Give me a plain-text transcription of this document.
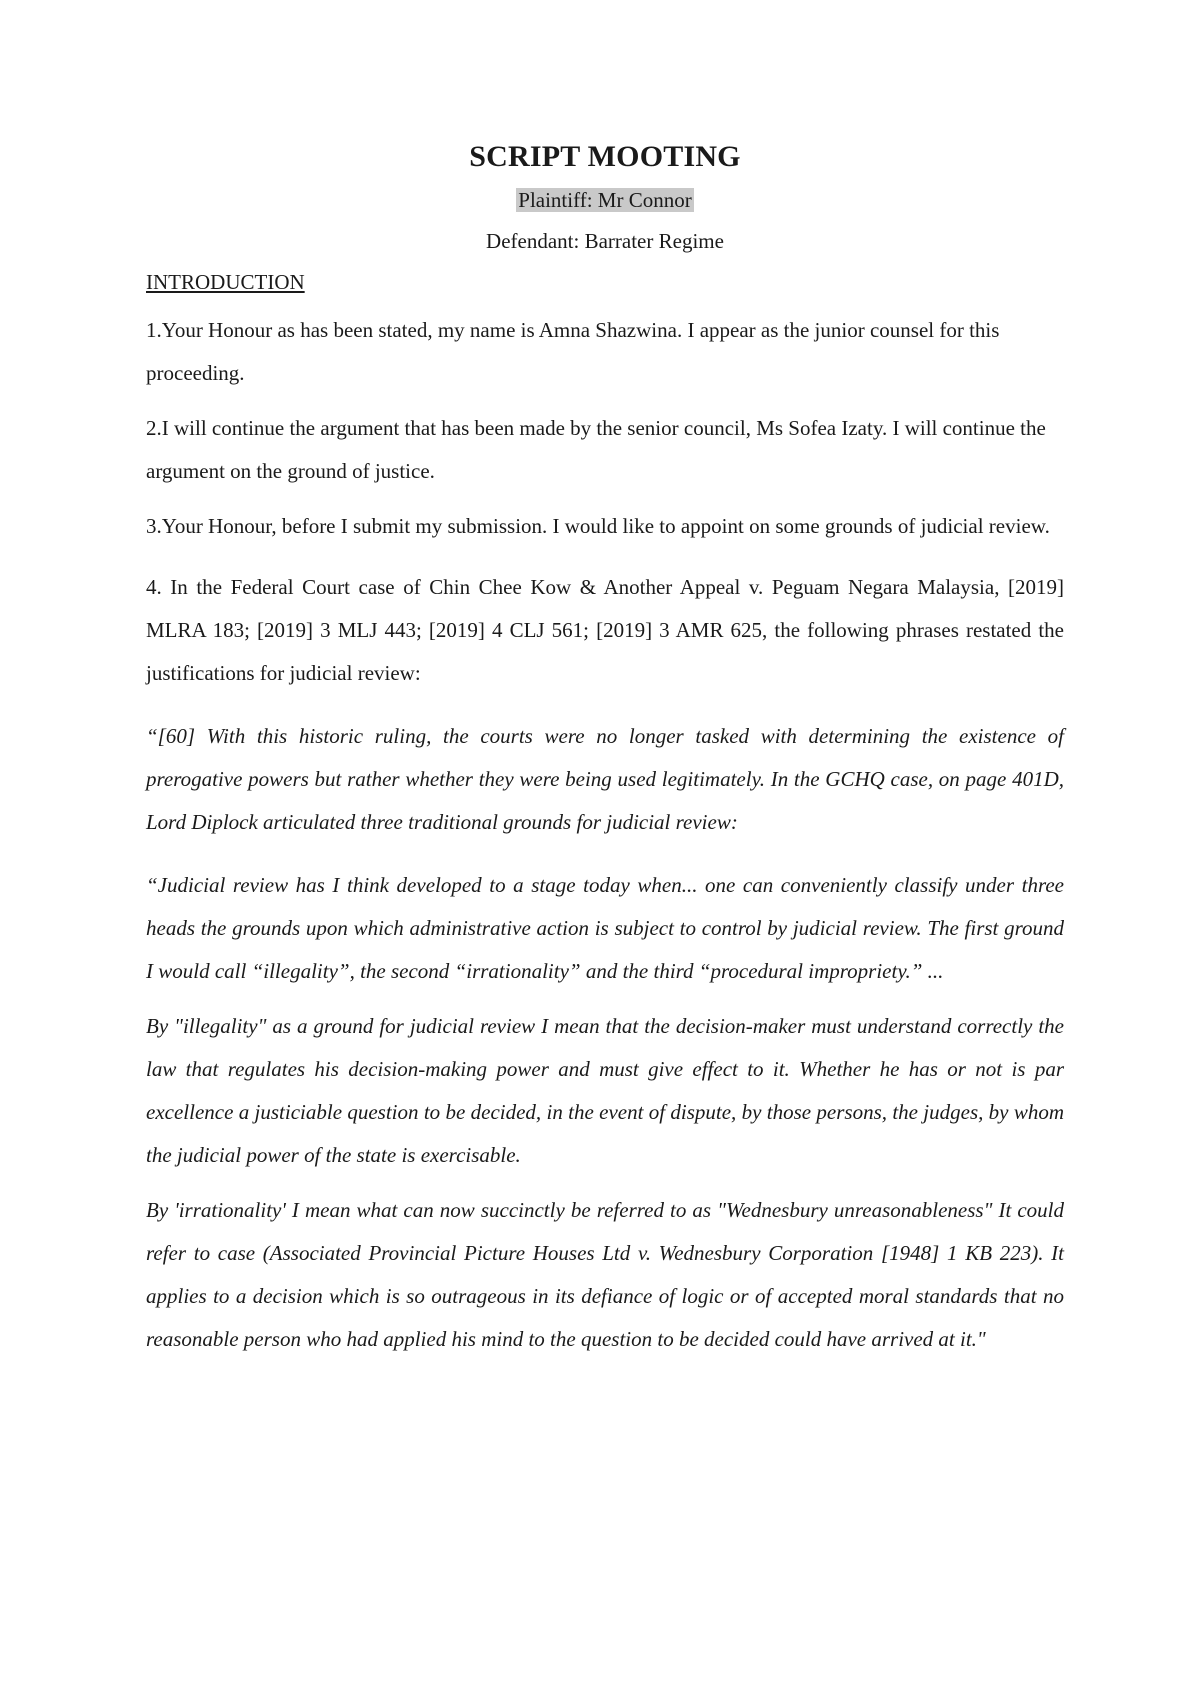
SCRIPT MOOTING

Plaintiff: Mr Connor

Defendant: Barrater Regime

INTRODUCTION

1.Your Honour as has been stated, my name is Amna Shazwina. I appear as the junior counsel for this proceeding.

2.I will continue the argument that has been made by the senior council, Ms Sofea Izaty. I will continue the argument on the ground of justice.

3.Your Honour, before I submit my submission. I would like to appoint on some grounds of judicial review.

4. In the Federal Court case of Chin Chee Kow & Another Appeal v. Peguam Negara Malaysia, [2019] MLRA 183; [2019] 3 MLJ 443; [2019] 4 CLJ 561; [2019] 3 AMR 625, the following phrases restated the justifications for judicial review:

“[60] With this historic ruling, the courts were no longer tasked with determining the existence of prerogative powers but rather whether they were being used legitimately. In the GCHQ case, on page 401D, Lord Diplock articulated three traditional grounds for judicial review:

“Judicial review has I think developed to a stage today when... one can conveniently classify under three heads the grounds upon which administrative action is subject to control by judicial review. The first ground I would call “illegality”, the second “irrationality” and the third “procedural impropriety.” ...

By "illegality" as a ground for judicial review I mean that the decision-maker must understand correctly the law that regulates his decision-making power and must give effect to it. Whether he has or not is par excellence a justiciable question to be decided, in the event of dispute, by those persons, the judges, by whom the judicial power of the state is exercisable.

By 'irrationality' I mean what can now succinctly be referred to as "Wednesbury unreasonableness" It could refer to case (Associated Provincial Picture Houses Ltd v. Wednesbury Corporation [1948] 1 KB 223). It applies to a decision which is so outrageous in its defiance of logic or of accepted moral standards that no reasonable person who had applied his mind to the question to be decided could have arrived at it."
